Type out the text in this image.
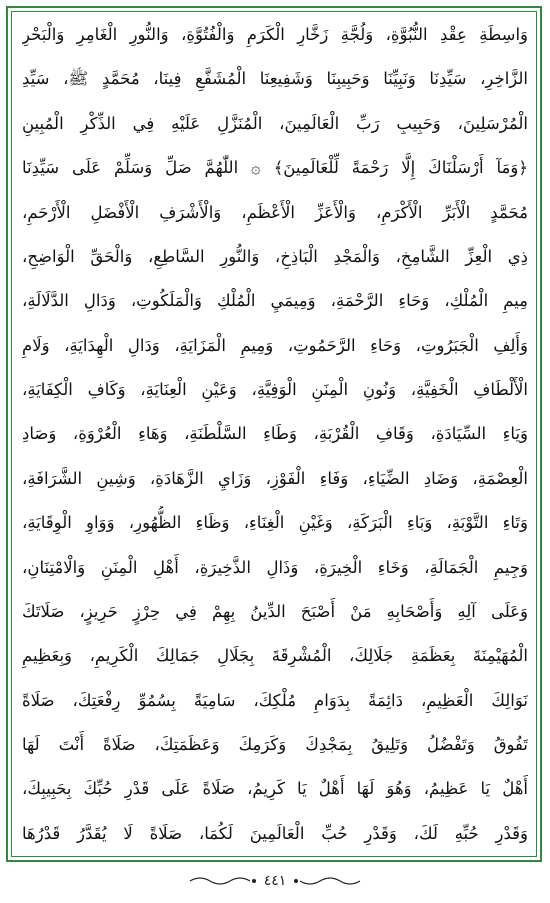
وَاسِطَةِ عِقْدِ النُّبُوَّةِ، وَلُجَّةِ زَخَّارِ الْكَرَمِ وَالْفُتُوَّةِ، وَالنُّورِ الْغَامِرِ وَالْبَحْرِ
الزَّاخِرِ، سَيِّدِنَا وَنَبِيِّنَا وَحَبِيبِنَا وَشَفِيعِنَا الْمُشَفَّعِ فِينَا، مُحَمَّدٍ ﷺ، سَيِّدِ
الْمُرْسَلِينَ، وَحَبِيبِ رَبِّ الْعَالَمِينَ، الْمُنَزَّلِ عَلَيْهِ فِي الذِّكْرِ الْمُبِينِ
﴿وَمَآ أَرْسَلْنَاكَ إِلَّا رَحْمَةً لِّلْعَالَمِينَ﴾ ۞ اللّٰهُمَّ صَلِّ وَسَلِّمْ عَلَى سَيِّدِنَا
مُحَمَّدٍ الْأَبَرِّ الْأَكْرَمِ، وَالْأَعَزِّ الْأَعْظَمِ، وَالْأَشْرَفِ الْأَفْضَلِ الْأَرْحَمِ،
ذِي الْعِزِّ الشَّامِخِ، وَالْمَجْدِ الْبَاذِخِ، وَالنُّورِ السَّاطِعِ، وَالْحَقِّ الْوَاضِحِ،
مِيمِ الْمُلْكِ، وَحَاءِ الرَّحْمَةِ، وَمِيمَيِ الْمُلْكِ وَالْمَلَكُوتِ، وَدَالِ الدَّلَالَةِ،
وَأَلِفِ الْجَبَرُوتِ، وَحَاءِ الرَّحَمُوتِ، وَمِيمِ الْمَزَايَةِ، وَدَالِ الْهِدَايَةِ، وَلَامِ
الْأَلْطَافِ الْخَفِيَّةِ، وَنُونِ الْمِنَنِ الْوَفِيَّةِ، وَعَيْنِ الْعِنَايَةِ، وَكَافِ الْكِفَايَةِ،
وَيَاءِ السِّيَادَةِ، وَقَافِ الْقُرْبَةِ، وَطَاءِ السَّلْطَنَةِ، وَهَاءِ الْعُرْوَةِ، وَصَادِ
الْعِصْمَةِ، وَضَادِ الضِّيَاءِ، وَفَاءِ الْفَوْزِ، وَزَايِ الزَّهَادَةِ، وَشِينِ الشَّرَافَةِ،
وَتَاءِ التَّوْبَةِ، وَبَاءِ الْبَرَكَةِ، وَغَيْنِ الْغِنَاءِ، وَظَاءِ الظُّهُورِ، وَوَاوِ الْوِقَايَةِ،
وَجِيمِ الْجَمَالَةِ، وَخَاءِ الْخِيرَةِ، وَذَالِ الذَّخِيرَةِ، أَهْلِ الْمِنَنِ وَالْامْتِنَانِ،
وَعَلَى آلِهِ وَأَصْحَابِهِ مَنْ أَصْبَحَ الدِّينُ بِهِمْ فِي حِرْزٍ حَرِيزٍ، صَلَاتَكَ
الْمُهَيْمِنَةَ بِعَظَمَةِ جَلَالِكَ، الْمُشْرِقَةَ بِجَلَالِ جَمَالِكَ الْكَرِيمِ، وَبِعَظِيمِ
نَوَالِكَ الْعَظِيمِ، دَائِمَةً بِدَوَامِ مُلْكِكَ، سَامِيَةً بِسُمُوِّ رِفْعَتِكَ، صَلَاةً
تَفُوقُ وَتَفْضُلُ وَتَلِيقُ بِمَجْدِكَ وَكَرَمِكَ وَعَظَمَتِكَ، صَلَاةً أَنْتَ لَهَا
أَهْلٌ يَا عَظِيمُ، وَهُوَ لَهَا أَهْلٌ يَا كَرِيمُ، صَلَاةً عَلَى قَدْرِ حُبِّكَ بِحَبِيبِكَ،
وَقَدْرِ حُبِّهِ لَكَ، وَقَدْرِ حُبِّ الْعَالَمِينَ لَكُمَا، صَلَاةً لَا يُقَدَّرُ قَدْرُهَا
٤٤١
